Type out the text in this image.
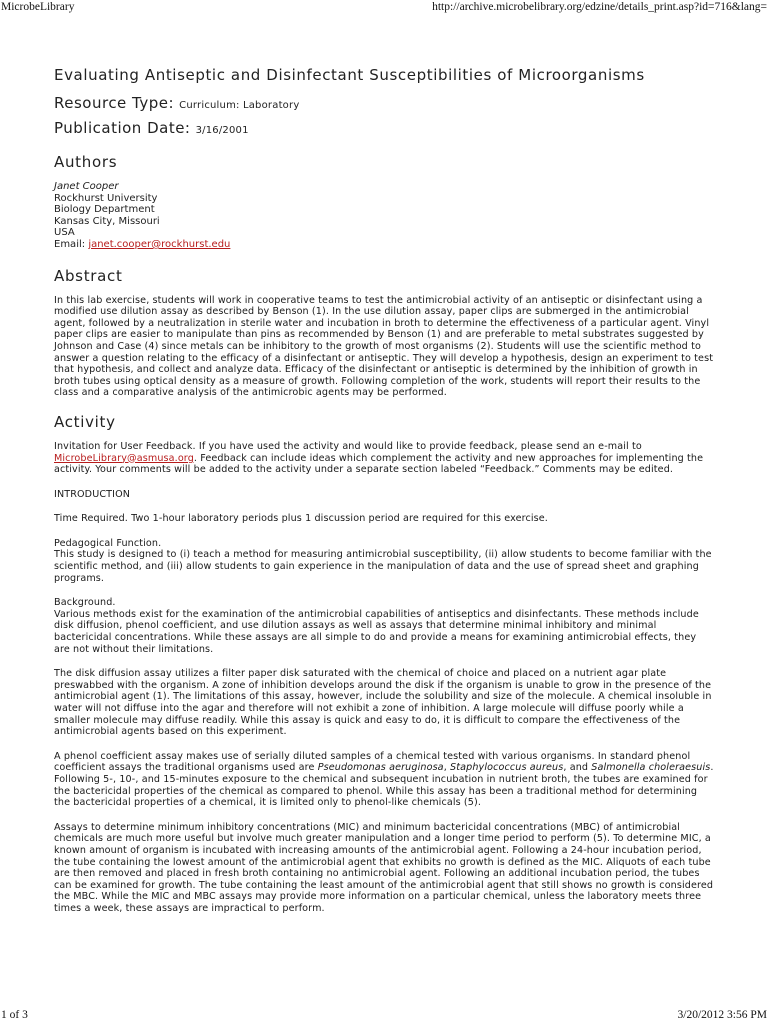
MicrobeLibrary	http://archive.microbelibrary.org/edzine/details_print.asp?id=716&lang=
Evaluating Antiseptic and Disinfectant Susceptibilities of Microorganisms
Resource Type: Curriculum: Laboratory
Publication Date: 3/16/2001
Authors
Janet Cooper
Rockhurst University
Biology Department
Kansas City, Missouri
USA
Email: janet.cooper@rockhurst.edu
Abstract

In this lab exercise, students will work in cooperative teams to test the antimicrobial activity of an antiseptic or disinfectant using a modified use dilution assay as described by Benson (1). In the use dilution assay, paper clips are submerged in the antimicrobial agent, followed by a neutralization in sterile water and incubation in broth to determine the effectiveness of a particular agent. Vinyl paper clips are easier to manipulate than pins as recommended by Benson (1) and are preferable to metal substrates suggested by Johnson and Case (4) since metals can be inhibitory to the growth of most organisms (2). Students will use the scientific method to answer a question relating to the efficacy of a disinfectant or antiseptic. They will develop a hypothesis, design an experiment to test that hypothesis, and collect and analyze data. Efficacy of the disinfectant or antiseptic is determined by the inhibition of growth in broth tubes using optical density as a measure of growth. Following completion of the work, students will report their results to the class and a comparative analysis of the antimicrobic agents may be performed.

Activity

Invitation for User Feedback. If you have used the activity and would like to provide feedback, please send an e-mail to MicrobeLibrary@asmusa.org. Feedback can include ideas which complement the activity and new approaches for implementing the activity. Your comments will be added to the activity under a separate section labeled “Feedback.” Comments may be edited.

INTRODUCTION

Time Required. Two 1-hour laboratory periods plus 1 discussion period are required for this exercise.

Pedagogical Function.
This study is designed to (i) teach a method for measuring antimicrobial susceptibility, (ii) allow students to become familiar with the scientific method, and (iii) allow students to gain experience in the manipulation of data and the use of spread sheet and graphing programs.

Background.
Various methods exist for the examination of the antimicrobial capabilities of antiseptics and disinfectants. These methods include disk diffusion, phenol coefficient, and use dilution assays as well as assays that determine minimal inhibitory and minimal bactericidal concentrations. While these assays are all simple to do and provide a means for examining antimicrobial effects, they are not without their limitations.

The disk diffusion assay utilizes a filter paper disk saturated with the chemical of choice and placed on a nutrient agar plate preswabbed with the organism. A zone of inhibition develops around the disk if the organism is unable to grow in the presence of the antimicrobial agent (1). The limitations of this assay, however, include the solubility and size of the molecule. A chemical insoluble in water will not diffuse into the agar and therefore will not exhibit a zone of inhibition. A large molecule will diffuse poorly while a smaller molecule may diffuse readily. While this assay is quick and easy to do, it is difficult to compare the effectiveness of the antimicrobial agents based on this experiment.

A phenol coefficient assay makes use of serially diluted samples of a chemical tested with various organisms. In standard phenol coefficient assays the traditional organisms used are Pseudomonas aeruginosa, Staphylococcus aureus, and Salmonella choleraesuis. Following 5-, 10-, and 15-minutes exposure to the chemical and subsequent incubation in nutrient broth, the tubes are examined for the bactericidal properties of the chemical as compared to phenol. While this assay has been a traditional method for determining the bactericidal properties of a chemical, it is limited only to phenol-like chemicals (5).

Assays to determine minimum inhibitory concentrations (MIC) and minimum bactericidal concentrations (MBC) of antimicrobial chemicals are much more useful but involve much greater manipulation and a longer time period to perform (5). To determine MIC, a known amount of organism is incubated with increasing amounts of the antimicrobial agent. Following a 24-hour incubation period, the tube containing the lowest amount of the antimicrobial agent that exhibits no growth is defined as the MIC. Aliquots of each tube are then removed and placed in fresh broth containing no antimicrobial agent. Following an additional incubation period, the tubes can be examined for growth. The tube containing the least amount of the antimicrobial agent that still shows no growth is considered the MBC. While the MIC and MBC assays may provide more information on a particular chemical, unless the laboratory meets three times a week, these assays are impractical to perform.

1 of 3	3/20/2012 3:56 PM
